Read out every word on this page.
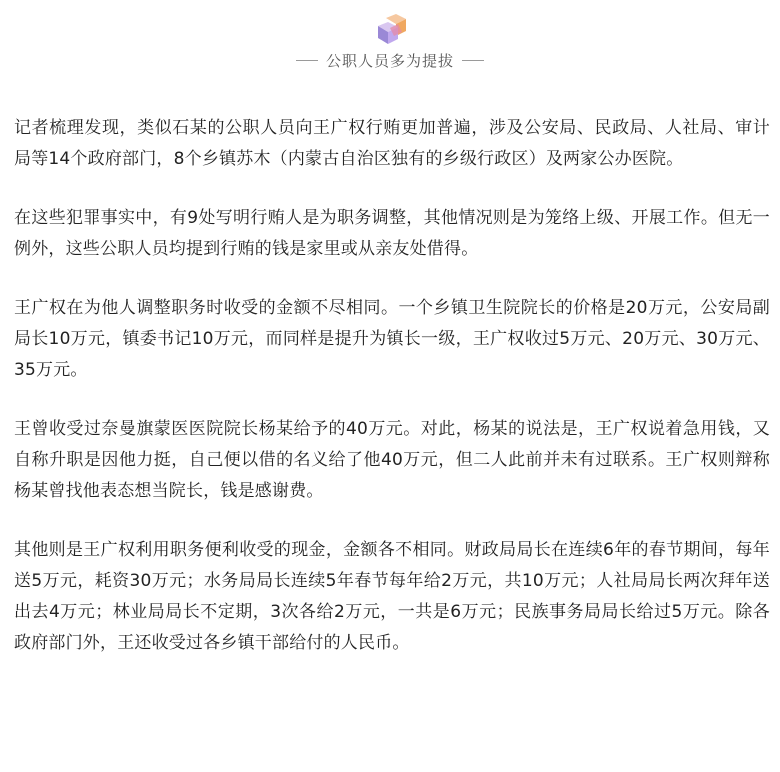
公职人员多为提拔

记者梳理发现，类似石某的公职人员向王广权行贿更加普遍，涉及公安局、民政局、人社局、审计局等14个政府部门，8个乡镇苏木（内蒙古自治区独有的乡级行政区）及两家公办医院。

在这些犯罪事实中，有9处写明行贿人是为职务调整，其他情况则是为笼络上级、开展工作。但无一例外，这些公职人员均提到行贿的钱是家里或从亲友处借得。

王广权在为他人调整职务时收受的金额不尽相同。一个乡镇卫生院院长的价格是20万元，公安局副局长10万元，镇委书记10万元，而同样是提升为镇长一级，王广权收过5万元、20万元、30万元、35万元。

王曾收受过奈曼旗蒙医医院院长杨某给予的40万元。对此，杨某的说法是，王广权说着急用钱，又自称升职是因他力挺，自己便以借的名义给了他40万元，但二人此前并未有过联系。王广权则辩称杨某曾找他表态想当院长，钱是感谢费。

其他则是王广权利用职务便利收受的现金，金额各不相同。财政局局长在连续6年的春节期间，每年送5万元，耗资30万元；水务局局长连续5年春节每年给2万元，共10万元；人社局局长两次拜年送出去4万元；林业局局长不定期，3次各给2万元，一共是6万元；民族事务局局长给过5万元。除各政府部门外，王还收受过各乡镇干部给付的人民币。
